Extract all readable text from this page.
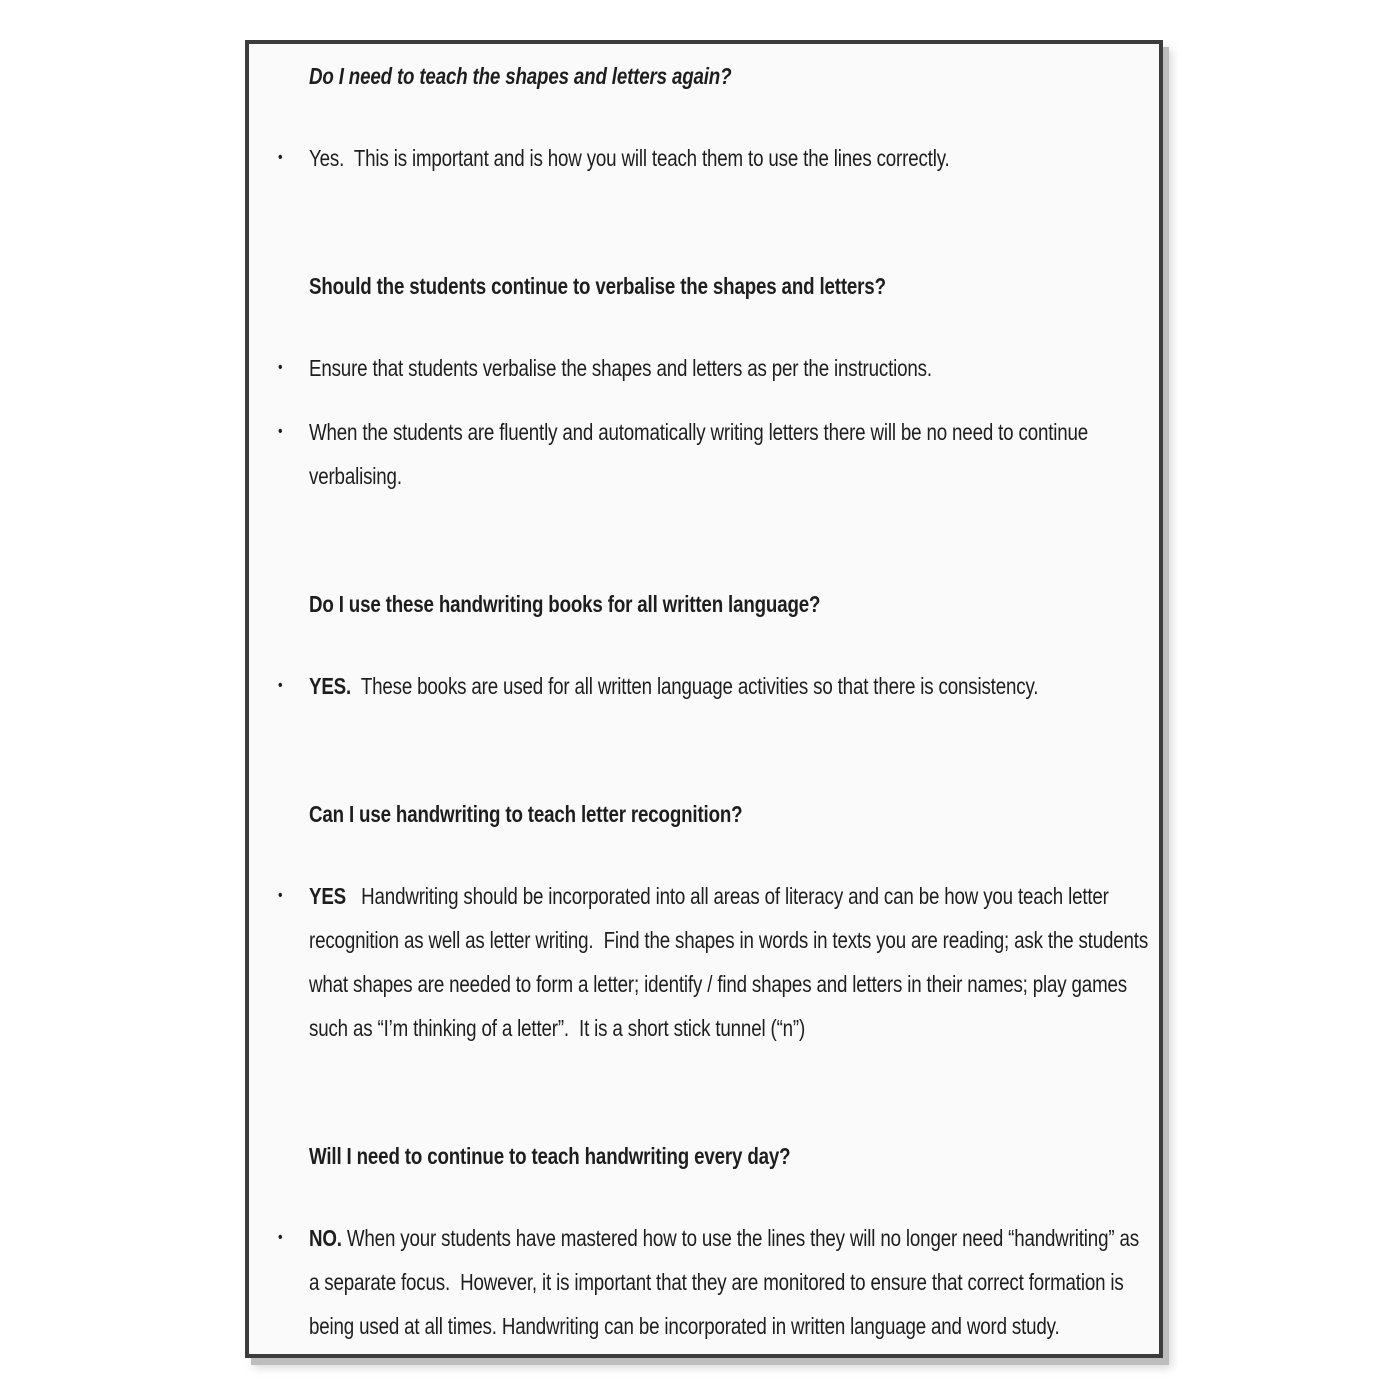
Do I need to teach the shapes and letters again?
• Yes.  This is important and is how you will teach them to use the lines correctly.

Should the students continue to verbalise the shapes and letters?
• Ensure that students verbalise the shapes and letters as per the instructions.

• When the students are fluently and automatically writing letters there will be no need to continue verbalising.

Do I use these handwriting books for all written language?
• YES.  These books are used for all written language activities so that there is consistency.

Can I use handwriting to teach letter recognition?
• YES   Handwriting should be incorporated into all areas of literacy and can be how you teach letter recognition as well as letter writing.  Find the shapes in words in texts you are reading; ask the students what shapes are needed to form a letter; identify / find shapes and letters in their names; play games such as “I’m thinking of a letter”.  It is a short stick tunnel (“n”)

Will I need to continue to teach handwriting every day?
• NO. When your students have mastered how to use the lines they will no longer need “handwriting” as a separate focus.  However, it is important that they are monitored to ensure that correct formation is being used at all times. Handwriting can be incorporated in written language and word study.
